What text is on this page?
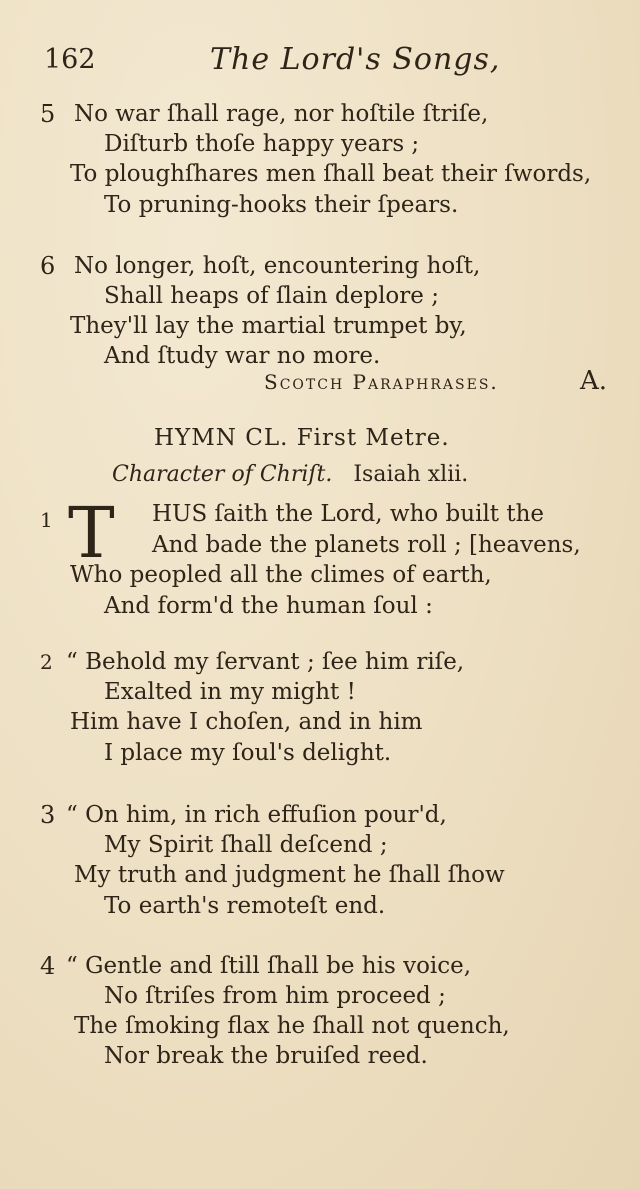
162	The Lord's Songs,
5 No war ſhall rage, nor hoſtile ſtriſe,
Diſturb thoſe happy years ;
To ploughſhares men ſhall beat their ſwords,
To pruning-hooks their ſpears.
6 No longer, hoſt, encountering hoſt,
Shall heaps of ſlain deplore ;
They'll lay the martial trumpet by,
And ſtudy war no more.
Scotch Paraphrases.	A.
HYMN CL. First Metre.
Character of Chriſt. Isaiah xlii.
1 T HUS ſaith the Lord, who built the
And bade the planets roll ; [heavens,
Who peopled all the climes of earth,
And form'd the human ſoul :
2 “ Behold my ſervant ; ſee him riſe,
Exalted in my might !
Him have I choſen, and in him
I place my ſoul's delight.
3 “ On him, in rich effuſion pour'd,
My Spirit ſhall deſcend ;
My truth and judgment he ſhall ſhow
To earth's remoteſt end.
4 “ Gentle and ſtill ſhall be his voice,
No ſtriſes from him proceed ;
The ſmoking flax he ſhall not quench,
Nor break the bruiſed reed.
